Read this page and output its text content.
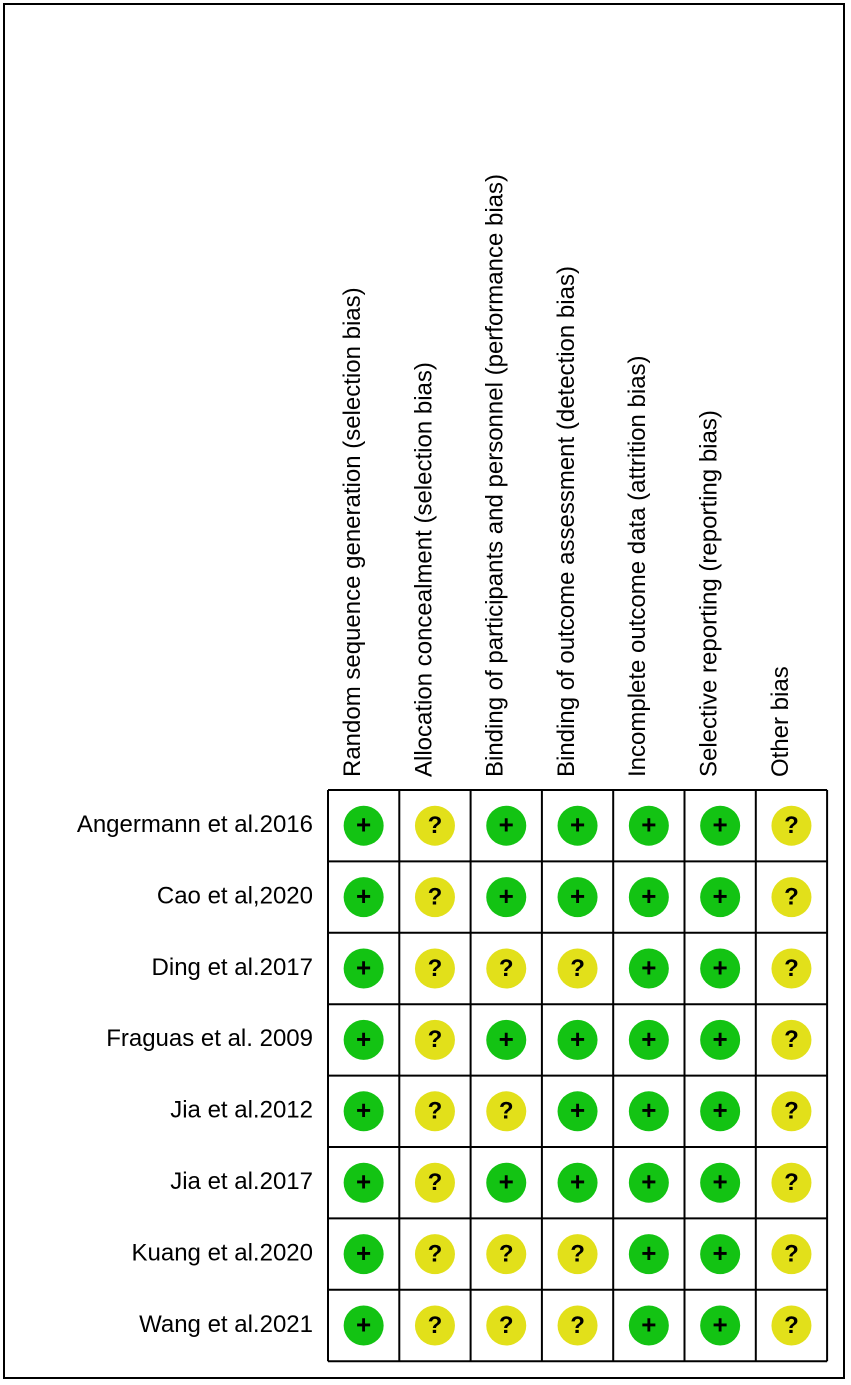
Random sequence generation (selection bias) Allocation concealment (selection bias) Binding of participants and personnel (performance bias) Binding of outcome assessment (detection bias) Incomplete outcome data (attrition bias) Selective reporting (reporting bias) Other bias
Angermann et al.2016
Cao et al,2020
Ding et al.2017
Fraguas et al. 2009
Jia et al.2012
Jia et al.2017
Kuang et al.2020
Wang et al.2021
+ ? + + + + ?
+ ? + + + + ?
+ ? ? ? + + ?
+ ? + + + + ?
+ ? ? + + + ?
+ ? + + + + ?
+ ? ? ? + + ?
+ ? ? ? + + ?
